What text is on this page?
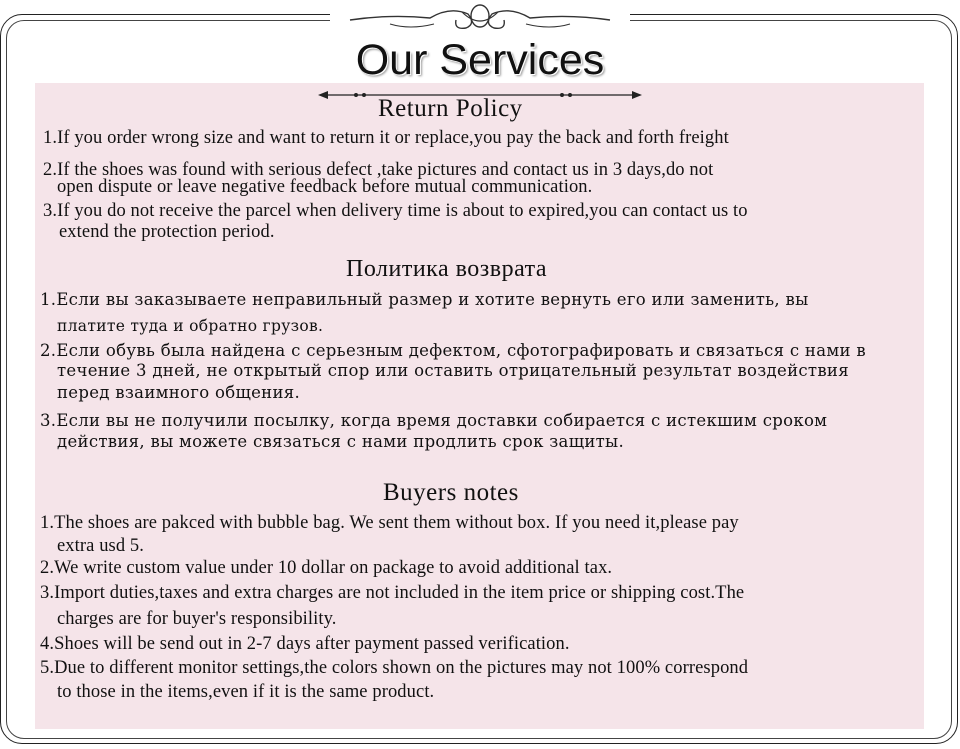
Our Services
Return Policy
1.If you order wrong size and want to return it or replace,you pay the back and forth freight
2.If the shoes was found with serious defect ,take pictures and contact us in 3 days,do not
open dispute or leave negative feedback before mutual communication.
3.If you do not receive the parcel when delivery time is about to expired,you can contact us to
extend the protection period.
Политика возврата
1.Если вы заказываете неправильный размер и хотите вернуть его или заменить, вы
платите туда и обратно грузов.
2.Если обувь была найдена с серьезным дефектом, сфотографировать и связаться с нами в
течение 3 дней, не открытый спор или оставить отрицательный результат воздействия
перед взаимного общения.
3.Если вы не получили посылку, когда время доставки собирается с истекшим сроком
действия, вы можете связаться с нами продлить срок защиты.
Buyers notes
1.The shoes are pakced with bubble bag. We sent them without box. If you need it,please pay
extra usd 5.
2.We write custom value under 10 dollar on package to avoid additional tax.
3.Import duties,taxes and extra charges are not included in the item price or shipping cost.The
charges are for buyer's responsibility.
4.Shoes will be send out in 2-7 days after payment passed verification.
5.Due to different monitor settings,the colors shown on the pictures may not 100% correspond
to those in the items,even if it is the same product.
